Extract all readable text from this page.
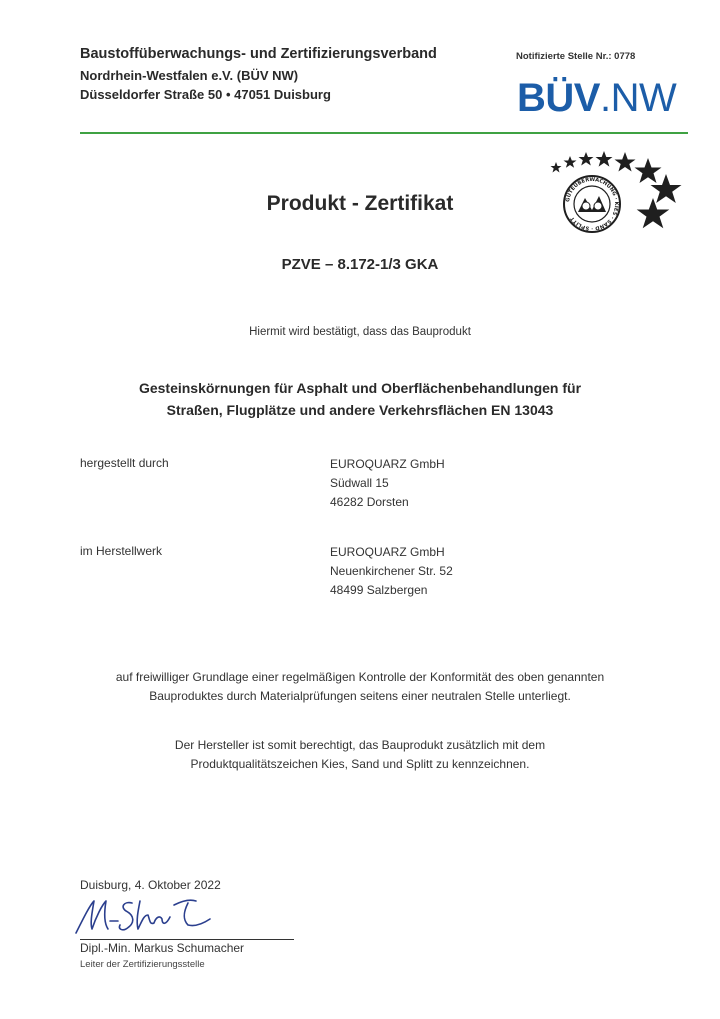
Baustoffüberwachungs- und Zertifizierungsverband
Nordrhein-Westfalen e.V. (BÜV NW)
Düsseldorfer Straße 50 • 47051 Duisburg
Notifizierte Stelle Nr.: 0778
BÜV.NW
GÜTEÜBERWACHUNG · KIES · SAND · SPLITT
Produkt - Zertifikat
PZVE – 8.172-1/3 GKA
Hiermit wird bestätigt, dass das Bauprodukt
Gesteinskörnungen für Asphalt und Oberflächenbehandlungen für
Straßen, Flugplätze und andere Verkehrsflächen EN 13043
hergestellt durch	EUROQUARZ GmbH
Südwall 15
46282 Dorsten
im Herstellwerk	EUROQUARZ GmbH
Neuenkirchener Str. 52
48499 Salzbergen
auf freiwilliger Grundlage einer regelmäßigen Kontrolle der Konformität des oben genannten
Bauproduktes durch Materialprüfungen seitens einer neutralen Stelle unterliegt.
Der Hersteller ist somit berechtigt, das Bauprodukt zusätzlich mit dem
Produktqualitätszeichen Kies, Sand und Splitt zu kennzeichnen.
Duisburg, 4. Oktober 2022
Dipl.-Min. Markus Schumacher
Leiter der Zertifizierungsstelle
